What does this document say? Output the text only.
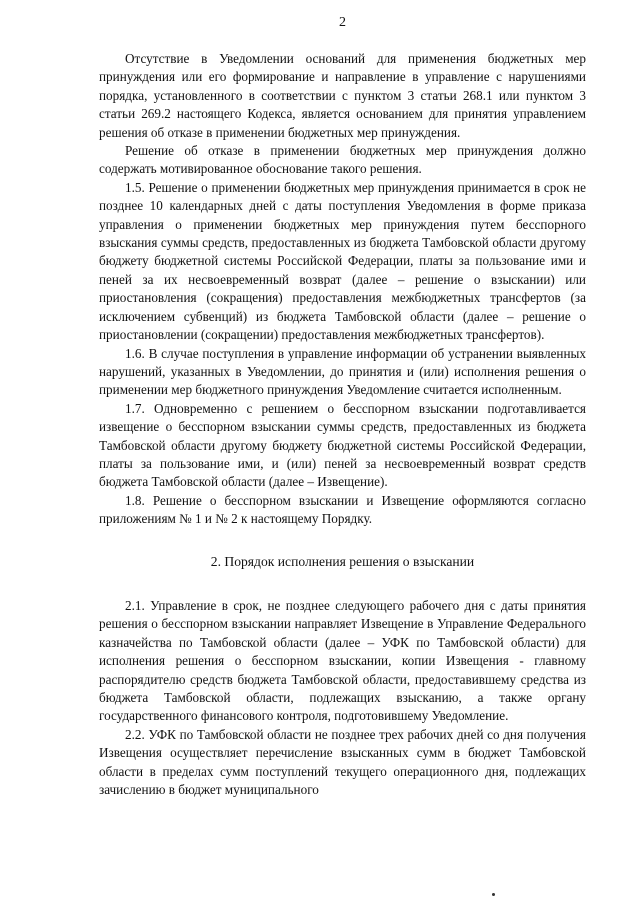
2

Отсутствие в Уведомлении оснований для применения бюджетных мер принуждения или его формирование и направление в управление с нарушениями порядка, установленного в соответствии с пунктом 3 статьи 268.1 или пунктом 3 статьи 269.2 настоящего Кодекса, является основанием для принятия управлением решения об отказе в применении бюджетных мер принуждения.

Решение об отказе в применении бюджетных мер принуждения должно содержать мотивированное обоснование такого решения.

1.5. Решение о применении бюджетных мер принуждения принимается в срок не позднее 10 календарных дней с даты поступления Уведомления в форме приказа управления о применении бюджетных мер принуждения путем бесспорного взыскания суммы средств, предоставленных из бюджета Тамбовской области другому бюджету бюджетной системы Российской Федерации, платы за пользование ими и пеней за их несвоевременный возврат (далее – решение о взыскании) или приостановления (сокращения) предоставления межбюджетных трансфертов (за исключением субвенций) из бюджета Тамбовской области (далее – решение о приостановлении (сокращении) предоставления межбюджетных трансфертов).

1.6. В случае поступления в управление информации об устранении выявленных нарушений, указанных в Уведомлении, до принятия и (или) исполнения решения о применении мер бюджетного принуждения Уведомление считается исполненным.

1.7. Одновременно с решением о бесспорном взыскании подготавливается извещение о бесспорном взыскании суммы средств, предоставленных из бюджета Тамбовской области другому бюджету бюджетной системы Российской Федерации, платы за пользование ими, и (или) пеней за несвоевременный возврат средств бюджета Тамбовской области (далее – Извещение).

1.8. Решение о бесспорном взыскании и Извещение оформляются согласно приложениям № 1 и № 2 к настоящему Порядку.

2. Порядок исполнения решения о взыскании

2.1. Управление в срок, не позднее следующего рабочего дня с даты принятия решения о бесспорном взыскании направляет Извещение в Управление Федерального казначейства по Тамбовской области (далее – УФК по Тамбовской области) для исполнения решения о бесспорном взыскании, копии Извещения - главному распорядителю средств бюджета Тамбовской области, предоставившему средства из бюджета Тамбовской области, подлежащих взысканию, а также органу государственного финансового контроля, подготовившему Уведомление.

2.2. УФК по Тамбовской области не позднее трех рабочих дней со дня получения Извещения осуществляет перечисление взысканных сумм в бюджет Тамбовской области в пределах сумм поступлений текущего операционного дня, подлежащих зачислению в бюджет муниципального
